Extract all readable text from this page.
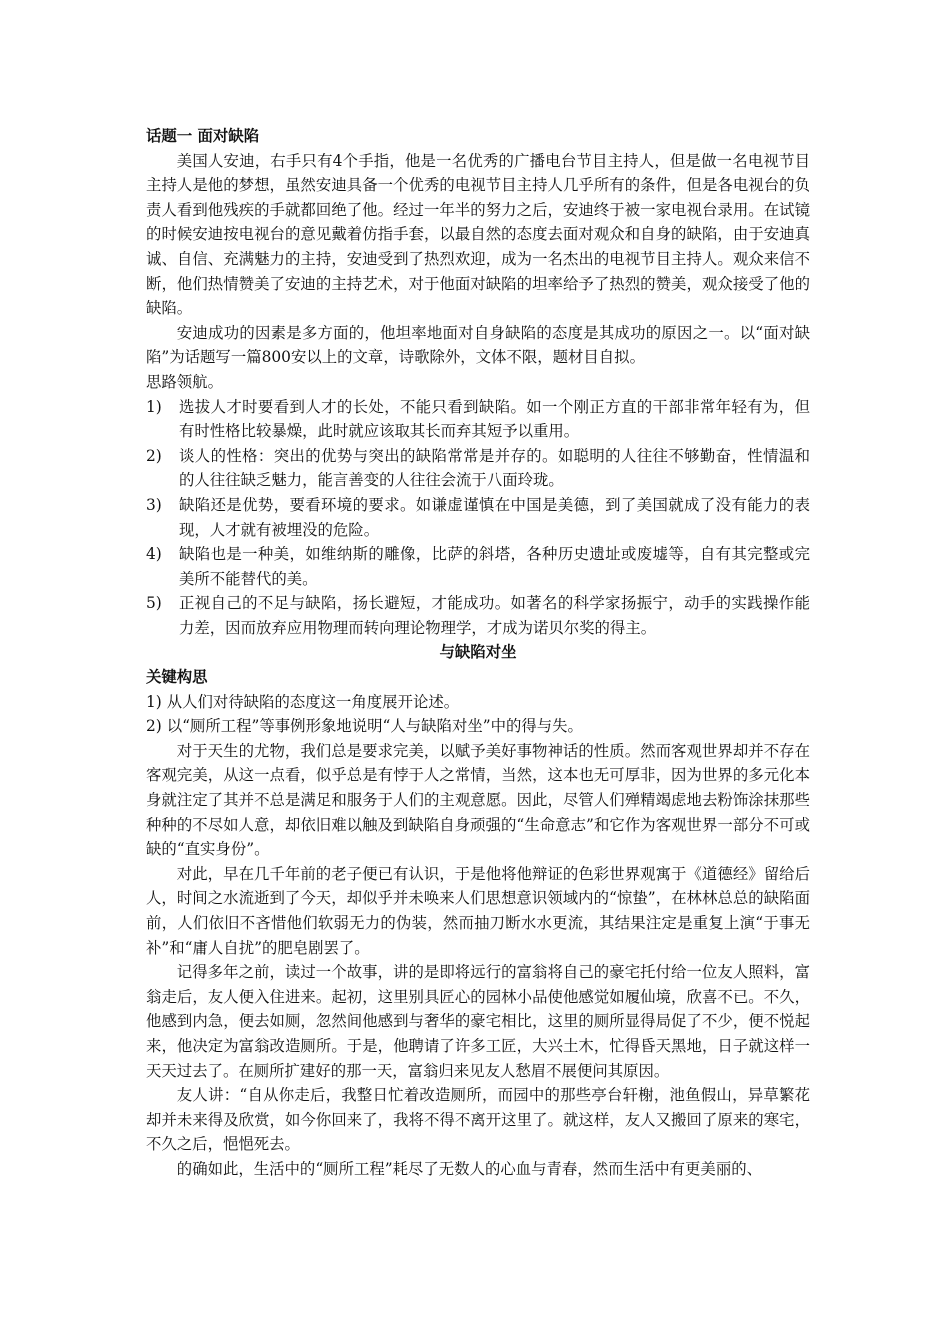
话题一 面对缺陷

美国人安迪，右手只有4个手指，他是一名优秀的广播电台节目主持人，但是做一名电视节目主持人是他的梦想，虽然安迪具备一个优秀的电视节目主持人几乎所有的条件，但是各电视台的负责人看到他残疾的手就都回绝了他。经过一年半的努力之后，安迪终于被一家电视台录用。在试镜的时候安迪按电视台的意见戴着仿指手套，以最自然的态度去面对观众和自身的缺陷，由于安迪真诚、自信、充满魅力的主持，安迪受到了热烈欢迎，成为一名杰出的电视节目主持人。观众来信不断，他们热情赞美了安迪的主持艺术，对于他面对缺陷的坦率给予了热烈的赞美，观众接受了他的缺陷。

安迪成功的因素是多方面的，他坦率地面对自身缺陷的态度是其成功的原因之一。以“面对缺陷”为话题写一篇800安以上的文章，诗歌除外，文体不限，题材目自拟。

思路领航。

1)	选拔人才时要看到人才的长处，不能只看到缺陷。如一个刚正方直的干部非常年轻有为，但有时性格比较暴燥，此时就应该取其长而弃其短予以重用。

2)	谈人的性格：突出的优势与突出的缺陷常常是并存的。如聪明的人往往不够勤奋，性情温和的人往往缺乏魅力，能言善变的人往往会流于八面玲珑。

3)	缺陷还是优势，要看环境的要求。如谦虚谨慎在中国是美德，到了美国就成了没有能力的表现，人才就有被埋没的危险。

4)	缺陷也是一种美，如维纳斯的雕像，比萨的斜塔，各种历史遗址或废墟等，自有其完整或完美所不能替代的美。

5)	正视自己的不足与缺陷，扬长避短，才能成功。如著名的科学家扬振宁，动手的实践操作能力差，因而放弃应用物理而转向理论物理学，才成为诺贝尔奖的得主。

与缺陷对坐

关键构思

1) 从人们对待缺陷的态度这一角度展开论述。

2) 以“厕所工程”等事例形象地说明“人与缺陷对坐”中的得与失。

对于天生的尤物，我们总是要求完美，以赋予美好事物神话的性质。然而客观世界却并不存在客观完美，从这一点看，似乎总是有悖于人之常情，当然，这本也无可厚非，因为世界的多元化本身就注定了其并不总是满足和服务于人们的主观意愿。因此，尽管人们殚精竭虑地去粉饰涂抹那些种种的不尽如人意，却依旧难以触及到缺陷自身顽强的“生命意志”和它作为客观世界一部分不可或缺的“直实身份”。

对此，早在几千年前的老子便已有认识，于是他将他辩证的色彩世界观寓于《道德经》留给后人，时间之水流逝到了今天，却似乎并未唤来人们思想意识领域内的“惊蛰”，在林林总总的缺陷面前，人们依旧不吝惜他们软弱无力的伪装，然而抽刀断水水更流，其结果注定是重复上演“于事无补”和“庸人自扰”的肥皂剧罢了。

记得多年之前，读过一个故事，讲的是即将远行的富翁将自己的豪宅托付给一位友人照料，富翁走后，友人便入住进来。起初，这里别具匠心的园林小品使他感觉如履仙境，欣喜不已。不久，他感到内急，便去如厕，忽然间他感到与奢华的豪宅相比，这里的厕所显得局促了不少，便不悦起来，他决定为富翁改造厕所。于是，他聘请了许多工匠，大兴土木，忙得昏天黑地，日子就这样一天天过去了。在厕所扩建好的那一天，富翁归来见友人愁眉不展便问其原因。

友人讲：“自从你走后，我整日忙着改造厕所，而园中的那些亭台轩榭，池鱼假山，异草繁花却并未来得及欣赏，如今你回来了，我将不得不离开这里了。就这样，友人又搬回了原来的寒宅，不久之后，悒悒死去。

的确如此，生活中的“厕所工程”耗尽了无数人的心血与青春，然而生活中有更美丽的、
